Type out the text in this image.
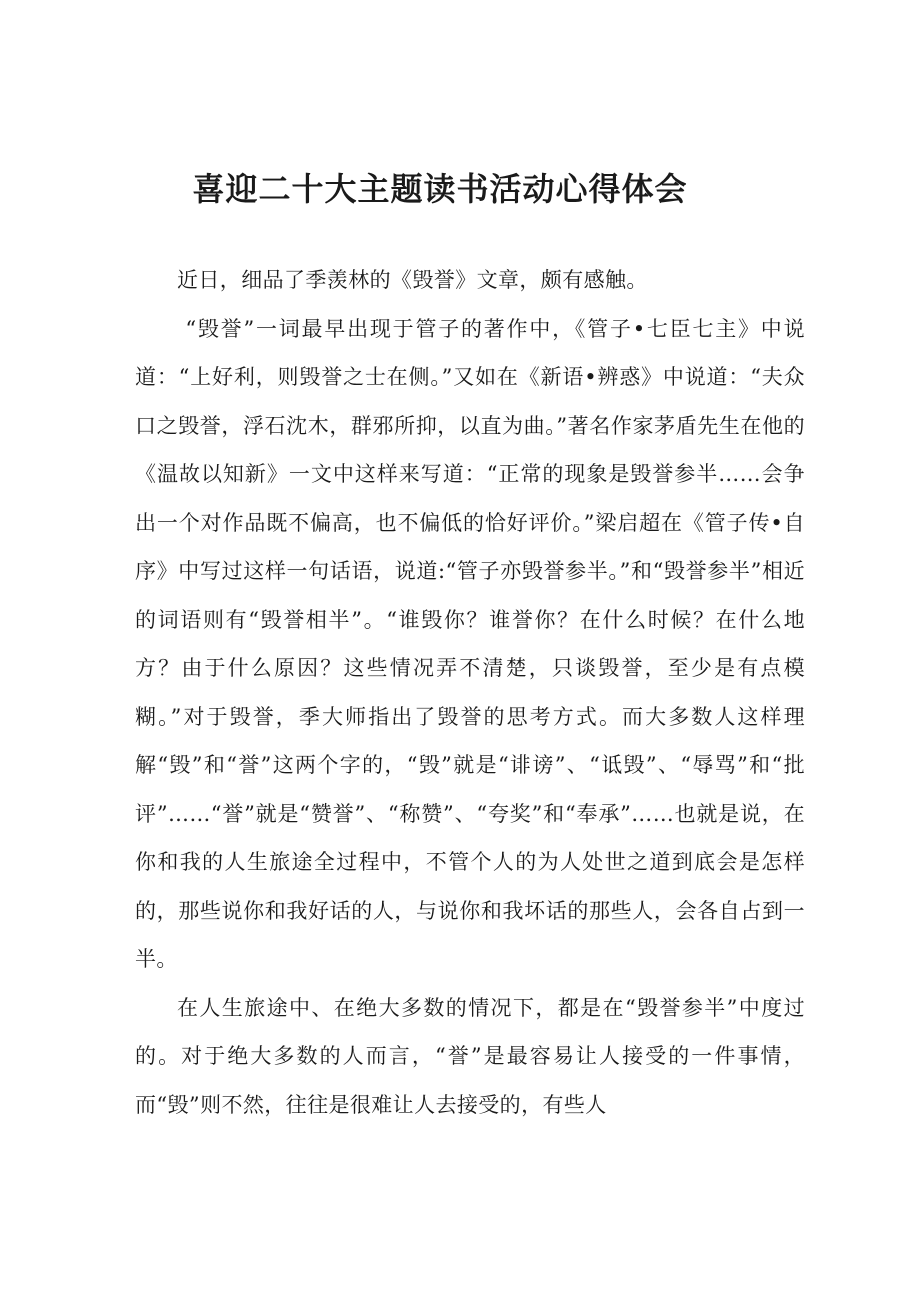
喜迎二十大主题读书活动心得体会

近日，细品了季羡林的《毁誉》文章，颇有感触。

“毁誉”一词最早出现于管子的著作中，《管子•七臣七主》中说道：“上好利，则毁誉之士在侧。”又如在《新语•辨惑》中说道：“夫众口之毁誉，浮石沈木，群邪所抑，以直为曲。”著名作家茅盾先生在他的《温故以知新》一文中这样来写道：“正常的现象是毁誉参半……会争出一个对作品既不偏高，也不偏低的恰好评价。”梁启超在《管子传•自序》中写过这样一句话语，说道:“管子亦毁誉参半。”和“毁誉参半”相近的词语则有“毁誉相半”。“谁毁你？谁誉你？在什么时候？在什么地方？由于什么原因？这些情况弄不清楚，只谈毁誉，至少是有点模糊。”对于毁誉，季大师指出了毁誉的思考方式。而大多数人这样理解“毁”和“誉”这两个字的，“毁”就是“诽谤”、“诋毁”、“辱骂”和“批评”……“誉”就是“赞誉”、“称赞”、“夸奖”和“奉承”……也就是说，在你和我的人生旅途全过程中，不管个人的为人处世之道到底会是怎样的，那些说你和我好话的人，与说你和我坏话的那些人，会各自占到一半。

在人生旅途中、在绝大多数的情况下，都是在“毁誉参半”中度过的。对于绝大多数的人而言，“誉”是最容易让人接受的一件事情，而“毁”则不然，往往是很难让人去接受的，有些人
